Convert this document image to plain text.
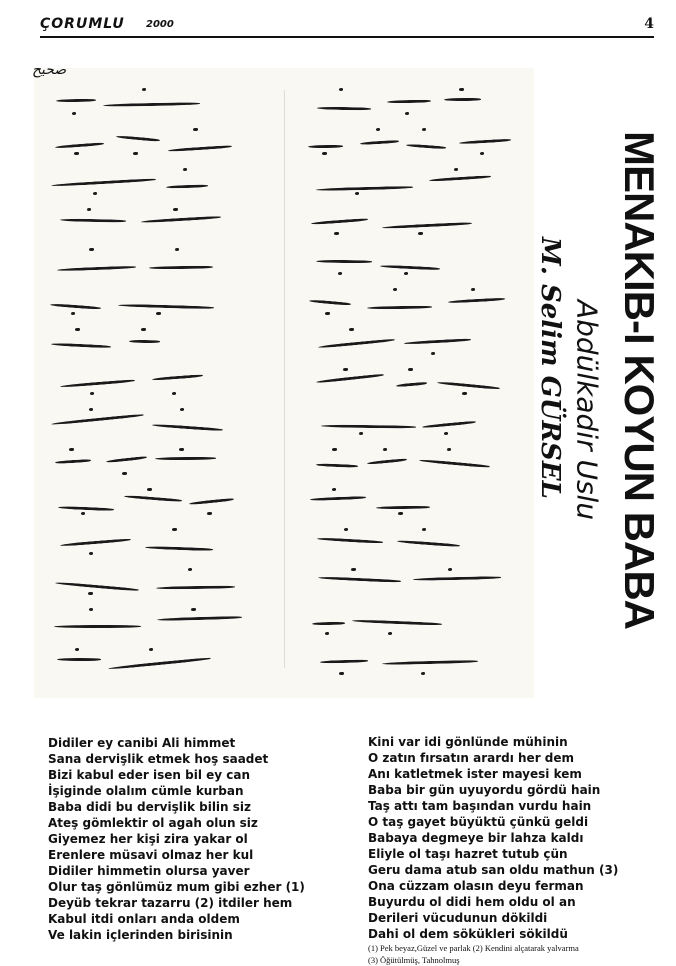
ÇORUMLU 2000	4
صحیح
MENAKIB-I KOYUN BABA
Abdülkadir Uslu
M. Selim GÜRSEL
Didiler ey canibi Ali himmet
Sana dervişlik etmek hoş saadet
Bizi kabul eder isen bil ey can
İşiginde olalım cümle kurban
Baba didi bu dervişlik bilin siz
Ateş gömlektir ol agah olun siz
Giyemez her kişi zira yakar ol
Erenlere müsavi olmaz her kul
Didiler himmetin olursa yaver
Olur taş gönlümüz mum gibi ezher (1)
Deyüb tekrar tazarru (2) itdiler hem
Kabul itdi onları anda oldem
Ve lakin içlerinden birisinin
Kini var idi gönlünde mühinin
O zatın fırsatın arardı her dem
Anı katletmek ister mayesi kem
Baba bir gün uyuyordu gördü hain
Taş attı tam başından vurdu hain
O taş gayet büyüktü çünkü geldi
Babaya degmeye bir lahza kaldı
Eliyle ol taşı hazret tutub çün
Geru dama atub san oldu mathun (3)
Ona cüzzam olasın deyu ferman
Buyurdu ol didi hem oldu ol an
Derileri vücudunun dökildi
Dahi ol dem sökükleri sökildü
(1) Pek beyaz,Güzel ve parlak (2) Kendini alçatarak yalvarma
(3) Öğütülmüş, Tahnolmuş
